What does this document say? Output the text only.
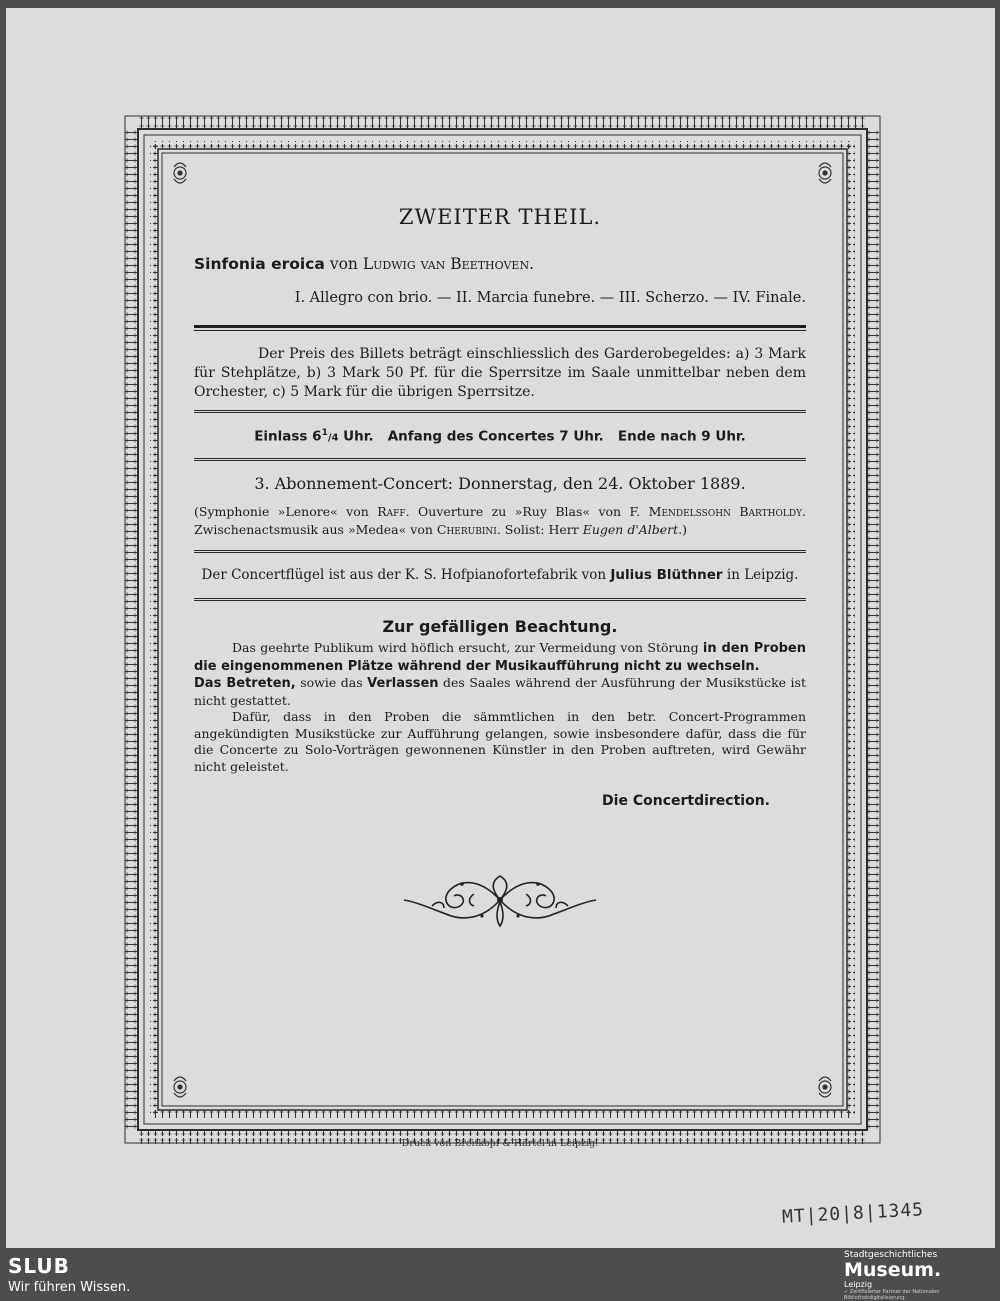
ZWEITER THEIL.
Sinfonia eroica von Ludwig van Beethoven.
I. Allegro con brio. — II. Marcia funebre. — III. Scherzo. — IV. Finale.
Der Preis des Billets beträgt einschliesslich des Garderobegeldes: a) 3 Mark für Stehplätze, b) 3 Mark 50 Pf. für die Sperrsitze im Saale unmittelbar neben dem Orchester, c) 5 Mark für die übrigen Sperrsitze.
Einlass $6^1/4$ Uhr. Anfang des Concertes 7 Uhr. Ende nach 9 Uhr.
3. Abonnement-Concert: Donnerstag, den 24. Oktober 1889.
(Symphonie »Lenore« von Raff. Ouverture zu »Ruy Blas« von F. Mendelssohn Bartholdy. Zwischenactsmusik aus »Medea« von Cherubini. Solist: Herr Eugen d'Albert.)
Der Concertflügel ist aus der K. S. Hofpianofortefabrik von Julius Blüthner in Leipzig.
Zur gefälligen Beachtung.

Das geehrte Publikum wird höflich ersucht, zur Vermeidung von Störung in den Proben die eingenommenen Plätze während der Musikaufführung nicht zu wechseln.

Das Betreten, sowie das Verlassen des Saales während der Ausführung der Musikstücke ist nicht gestattet.

Dafür, dass in den Proben die sämmtlichen in den betr. Concert-Programmen angekündigten Musikstücke zur Aufführung gelangen, sowie insbesondere dafür, dass die für die Concerte zu Solo-Vorträgen gewonnenen Künstler in den Proben auftreten, wird Gewähr nicht geleistet.

Die Concertdirection.
Druck von Breitkopf & Härtel in Leipzig.
MT|20|8|1345
SLUB
Wir führen Wissen.
Stadtgeschichtliches
Museum.
Leipzig
✓ Zertifizierter Partner der Nationalen Bibliothekdigitalisierung
